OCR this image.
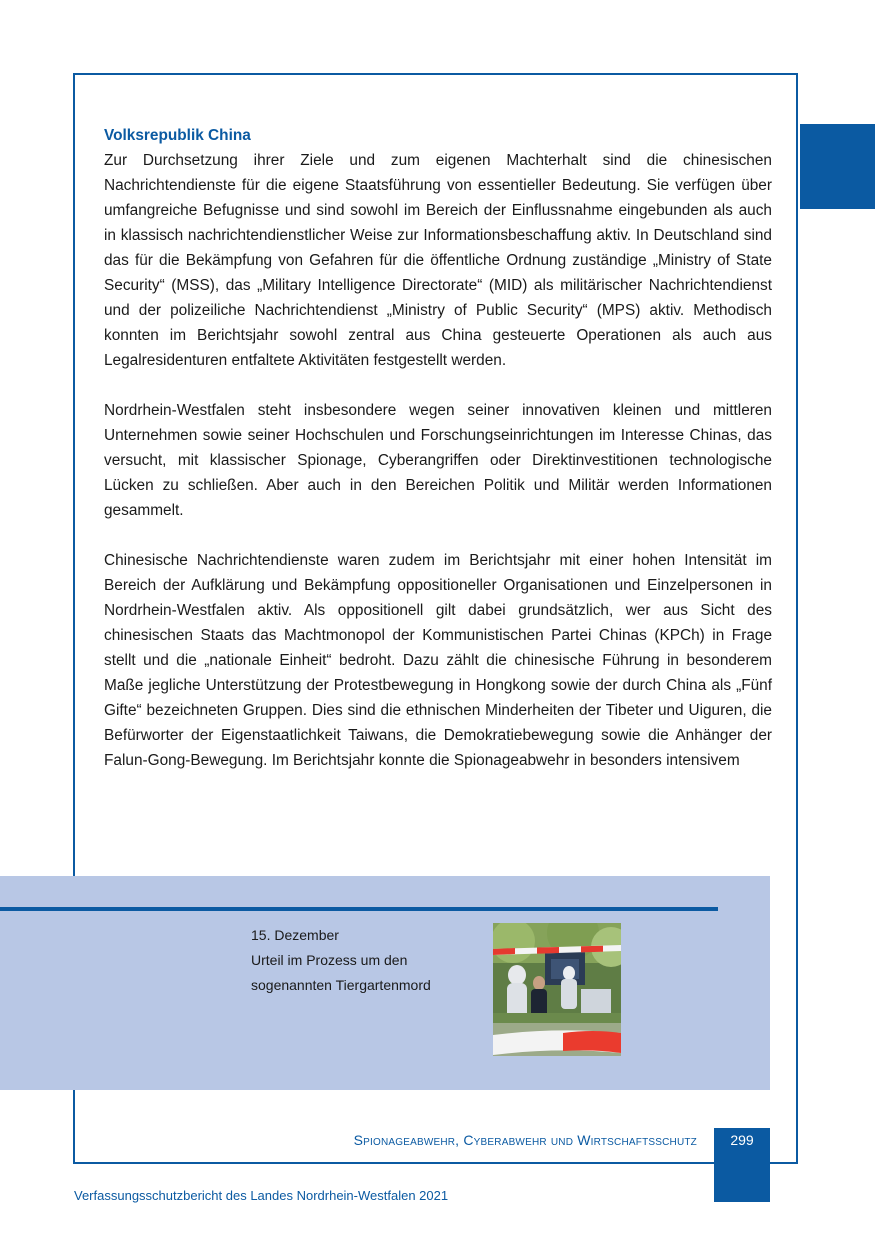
Volksrepublik China

Zur Durchsetzung ihrer Ziele und zum eigenen Machterhalt sind die chinesischen Nachrichtendienste für die eigene Staatsführung von essentieller Bedeutung. Sie verfügen über umfangreiche Befugnisse und sind sowohl im Bereich der Einflussnahme eingebunden als auch in klassisch nachrichtendienstlicher Weise zur Informationsbeschaffung aktiv. In Deutschland sind das für die Bekämpfung von Gefahren für die öffentliche Ordnung zuständige „Ministry of State Security“ (MSS), das „Military Intelligence Directorate“ (MID) als militärischer Nachrichtendienst und der polizeiliche Nachrichtendienst „Ministry of Public Security“ (MPS) aktiv. Methodisch konnten im Berichtsjahr sowohl zentral aus China gesteuerte Operationen als auch aus Legalresidenturen entfaltete Aktivitäten festgestellt werden.

Nordrhein-Westfalen steht insbesondere wegen seiner innovativen kleinen und mittleren Unternehmen sowie seiner Hochschulen und Forschungseinrichtungen im Interesse Chinas, das versucht, mit klassischer Spionage, Cyberangriffen oder Direktinvestitionen technologische Lücken zu schließen. Aber auch in den Bereichen Politik und Militär werden Informationen gesammelt.

Chinesische Nachrichtendienste waren zudem im Berichtsjahr mit einer hohen Intensität im Bereich der Aufklärung und Bekämpfung oppositioneller Organisationen und Einzelpersonen in Nordrhein-Westfalen aktiv. Als oppositionell gilt dabei grundsätzlich, wer aus Sicht des chinesischen Staats das Machtmonopol der Kommunistischen Partei Chinas (KPCh) in Frage stellt und die „nationale Einheit“ bedroht. Dazu zählt die chinesische Führung in besonderem Maße jegliche Unterstützung der Protestbewegung in Hongkong sowie der durch China als „Fünf Gifte“ bezeichneten Gruppen. Dies sind die ethnischen Minderheiten der Tibeter und Uiguren, die Befürworter der Eigenstaatlichkeit Taiwans, die Demokratiebewegung sowie die Anhänger der Falun-Gong-Bewegung. Im Berichtsjahr konnte die Spionageabwehr in besonders intensivem

15. Dezember
Urteil im Prozess um den sogenannten Tiergartenmord
Spionageabwehr, Cyberabwehr und Wirtschaftsschutz	299
Verfassungsschutzbericht des Landes Nordrhein-Westfalen 2021
